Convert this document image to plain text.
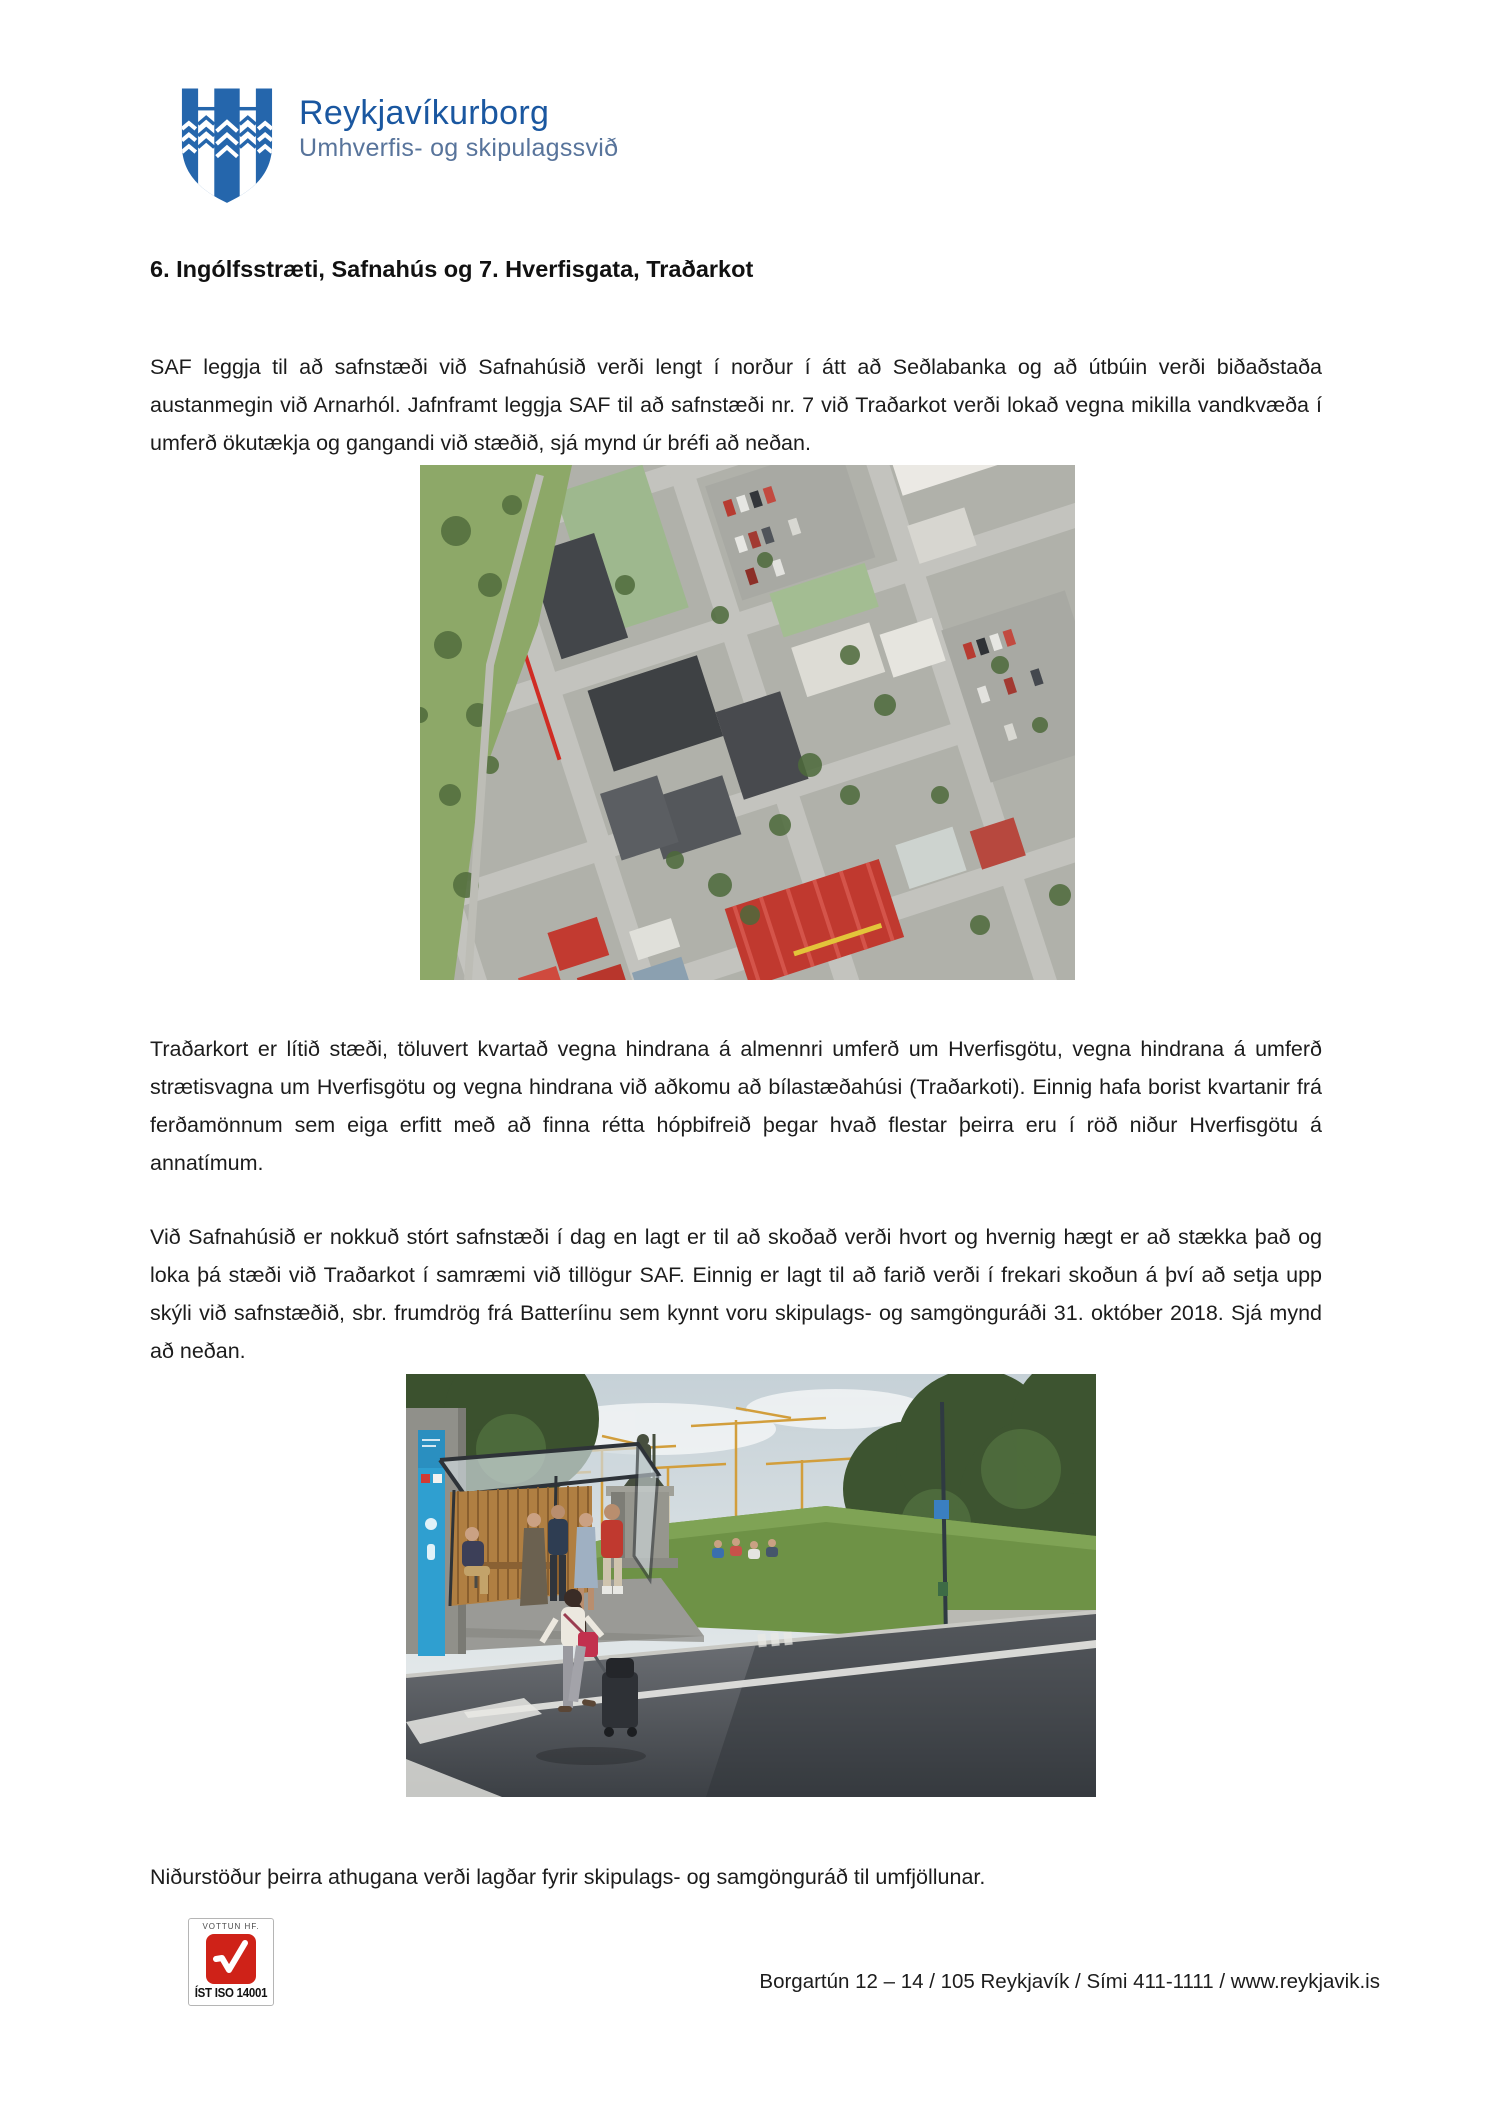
Reykjavíkurborg
Umhverfis- og skipulagssvið
6. Ingólfsstræti, Safnahús og 7. Hverfisgata, Traðarkot

SAF leggja til að safnstæði við Safnahúsið verði lengt í norður í átt að Seðlabanka og að útbúin verði biðaðstaða austanmegin við Arnarhól. Jafnframt leggja SAF til að safnstæði nr. 7 við Traðarkot verði lokað vegna mikilla vandkvæða í umferð ökutækja og gangandi við stæðið, sjá mynd úr bréfi að neðan.

Traðarkort er lítið stæði, töluvert kvartað vegna hindrana á almennri umferð um Hverfisgötu, vegna hindrana á umferð strætisvagna um Hverfisgötu og vegna hindrana við aðkomu að bílastæðahúsi (Traðarkoti). Einnig hafa borist kvartanir frá ferðamönnum sem eiga erfitt með að finna rétta hópbifreið þegar hvað flestar þeirra eru í röð niður Hverfisgötu á annatímum.

Við Safnahúsið er nokkuð stórt safnstæði í dag en lagt er til að skoðað verði hvort og hvernig hægt er að stækka það og loka þá stæði við Traðarkot í samræmi við tillögur SAF. Einnig er lagt til að farið verði í frekari skoðun á því að setja upp skýli við safnstæðið, sbr. frumdrög frá Batteríinu sem kynnt voru skipulags- og samgönguráði 31. október 2018. Sjá mynd að neðan.

Niðurstöður þeirra athugana verði lagðar fyrir skipulags- og samgönguráð til umfjöllunar.

VOTTUN HF.
ÍST ISO 14001	Borgartún 12 – 14 / 105 Reykjavík / Sími 411-1111 / www.reykjavik.is
